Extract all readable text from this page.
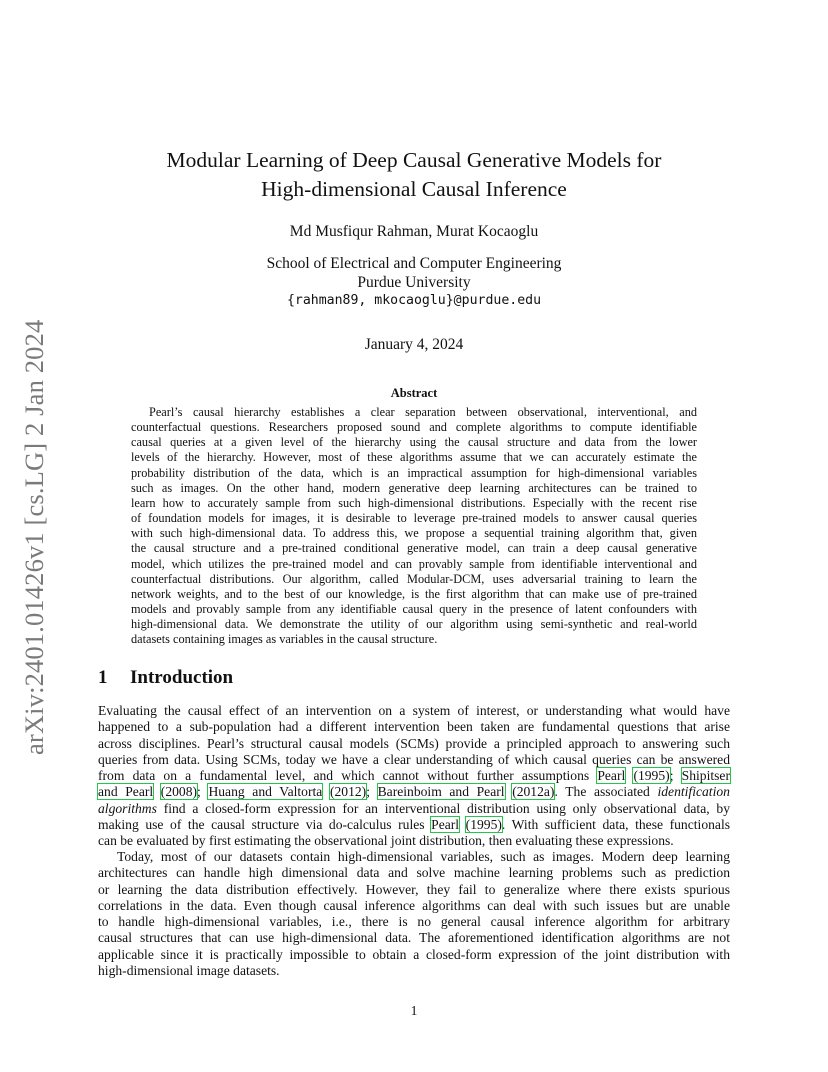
arXiv:2401.01426v1 [cs.LG] 2 Jan 2024
Modular Learning of Deep Causal Generative Models for
High-dimensional Causal Inference
Md Musfiqur Rahman, Murat Kocaoglu
School of Electrical and Computer Engineering
Purdue University
{rahman89, mkocaoglu}@purdue.edu
January 4, 2024
Abstract
Pearl’s causal hierarchy establishes a clear separation between observational, interventional, and
counterfactual questions. Researchers proposed sound and complete algorithms to compute identifiable
causal queries at a given level of the hierarchy using the causal structure and data from the lower
levels of the hierarchy. However, most of these algorithms assume that we can accurately estimate the
probability distribution of the data, which is an impractical assumption for high-dimensional variables
such as images. On the other hand, modern generative deep learning architectures can be trained to
learn how to accurately sample from such high-dimensional distributions. Especially with the recent rise
of foundation models for images, it is desirable to leverage pre-trained models to answer causal queries
with such high-dimensional data. To address this, we propose a sequential training algorithm that, given
the causal structure and a pre-trained conditional generative model, can train a deep causal generative
model, which utilizes the pre-trained model and can provably sample from identifiable interventional and
counterfactual distributions. Our algorithm, called Modular-DCM, uses adversarial training to learn the
network weights, and to the best of our knowledge, is the first algorithm that can make use of pre-trained
models and provably sample from any identifiable causal query in the presence of latent confounders with
high-dimensional data. We demonstrate the utility of our algorithm using semi-synthetic and real-world
datasets containing images as variables in the causal structure.
1 Introduction
Evaluating the causal effect of an intervention on a system of interest, or understanding what would have
happened to a sub-population had a different intervention been taken are fundamental questions that arise
across disciplines. Pearl’s structural causal models (SCMs) provide a principled approach to answering such
queries from data. Using SCMs, today we have a clear understanding of which causal queries can be answered
from data on a fundamental level, and which cannot without further assumptions Pearl (1995); Shipitser
and Pearl (2008); Huang and Valtorta (2012); Bareinboim and Pearl (2012a). The associated identification
algorithms find a closed-form expression for an interventional distribution using only observational data, by
making use of the causal structure via do-calculus rules Pearl (1995). With sufficient data, these functionals
can be evaluated by first estimating the observational joint distribution, then evaluating these expressions.
Today, most of our datasets contain high-dimensional variables, such as images. Modern deep learning
architectures can handle high dimensional data and solve machine learning problems such as prediction
or learning the data distribution effectively. However, they fail to generalize where there exists spurious
correlations in the data. Even though causal inference algorithms can deal with such issues but are unable
to handle high-dimensional variables, i.e., there is no general causal inference algorithm for arbitrary
causal structures that can use high-dimensional data. The aforementioned identification algorithms are not
applicable since it is practically impossible to obtain a closed-form expression of the joint distribution with
high-dimensional image datasets.
1
